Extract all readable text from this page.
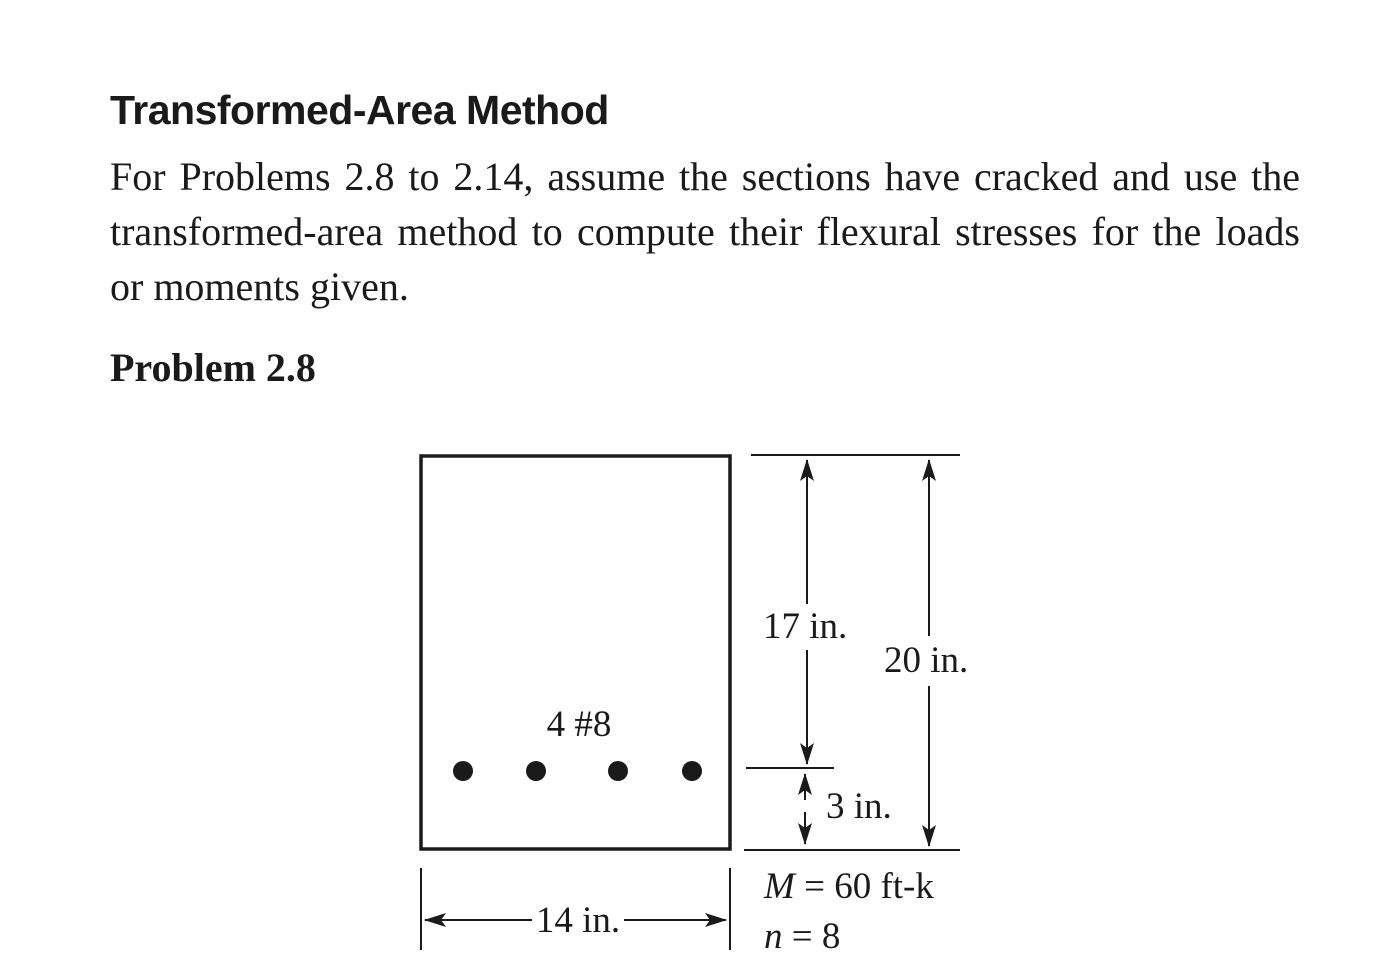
Transformed-Area Method

For Problems 2.8 to 2.14, assume the sections have cracked and use the transformed-area method to compute their flexural stresses for the loads or moments given.

Problem 2.8
4 #8
17 in.
20 in.
3 in.
14 in.
M = 60 ft-k
n = 8
